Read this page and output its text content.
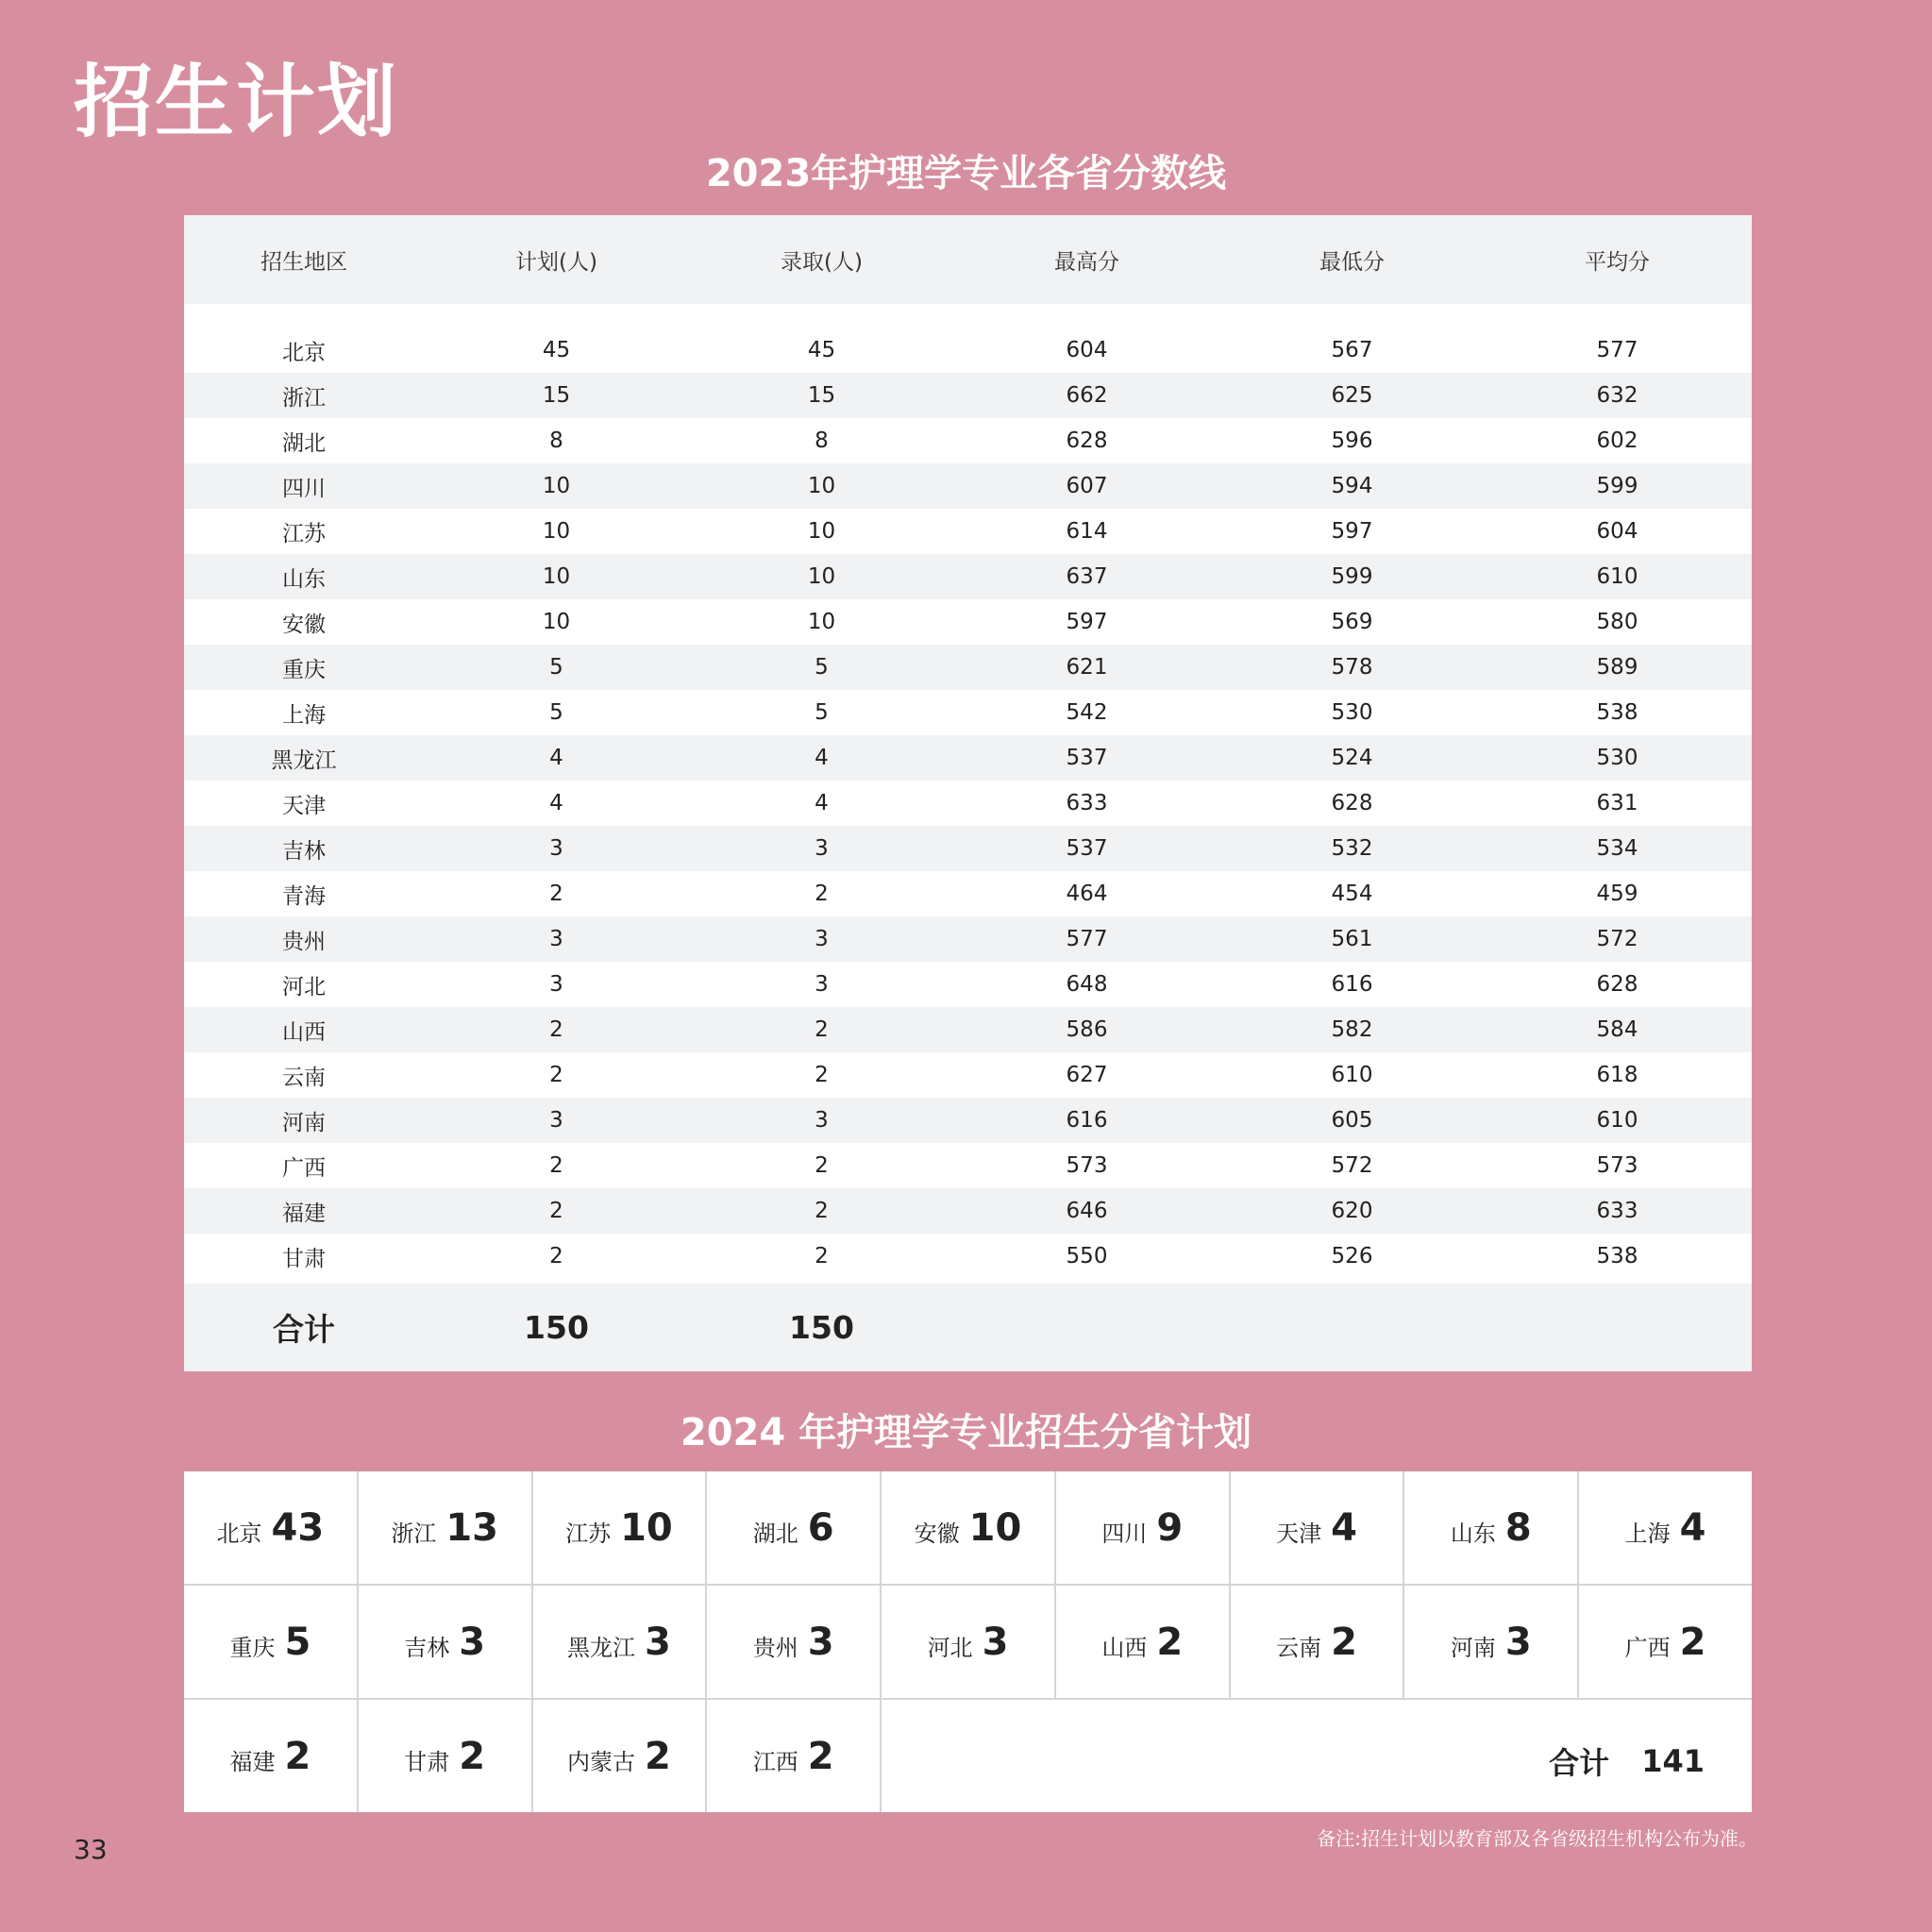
招生计划
2023年护理学专业各省分数线
招生地区	计划(人)	录取(人)	最高分	最低分	平均分
北京	45	45	604	567	577
浙江	15	15	662	625	632
湖北	8	8	628	596	602
四川	10	10	607	594	599
江苏	10	10	614	597	604
山东	10	10	637	599	610
安徽	10	10	597	569	580
重庆	5	5	621	578	589
上海	5	5	542	530	538
黑龙江	4	4	537	524	530
天津	4	4	633	628	631
吉林	3	3	537	532	534
青海	2	2	464	454	459
贵州	3	3	577	561	572
河北	3	3	648	616	628
山西	2	2	586	582	584
云南	2	2	627	610	618
河南	3	3	616	605	610
广西	2	2	573	572	573
福建	2	2	646	620	633
甘肃	2	2	550	526	538
合计	150	150
2024 年护理学专业招生分省计划
北京 43	浙江 13	江苏 10	湖北 6	安徽 10	四川 9	天津 4	山东 8	上海 4
重庆 5	吉林 3	黑龙江 3	贵州 3	河北 3	山西 2	云南 2	河南 3	广西 2
福建 2	甘肃 2	内蒙古 2	江西 2	合计 141
33	备注:招生计划以教育部及各省级招生机构公布为准。
